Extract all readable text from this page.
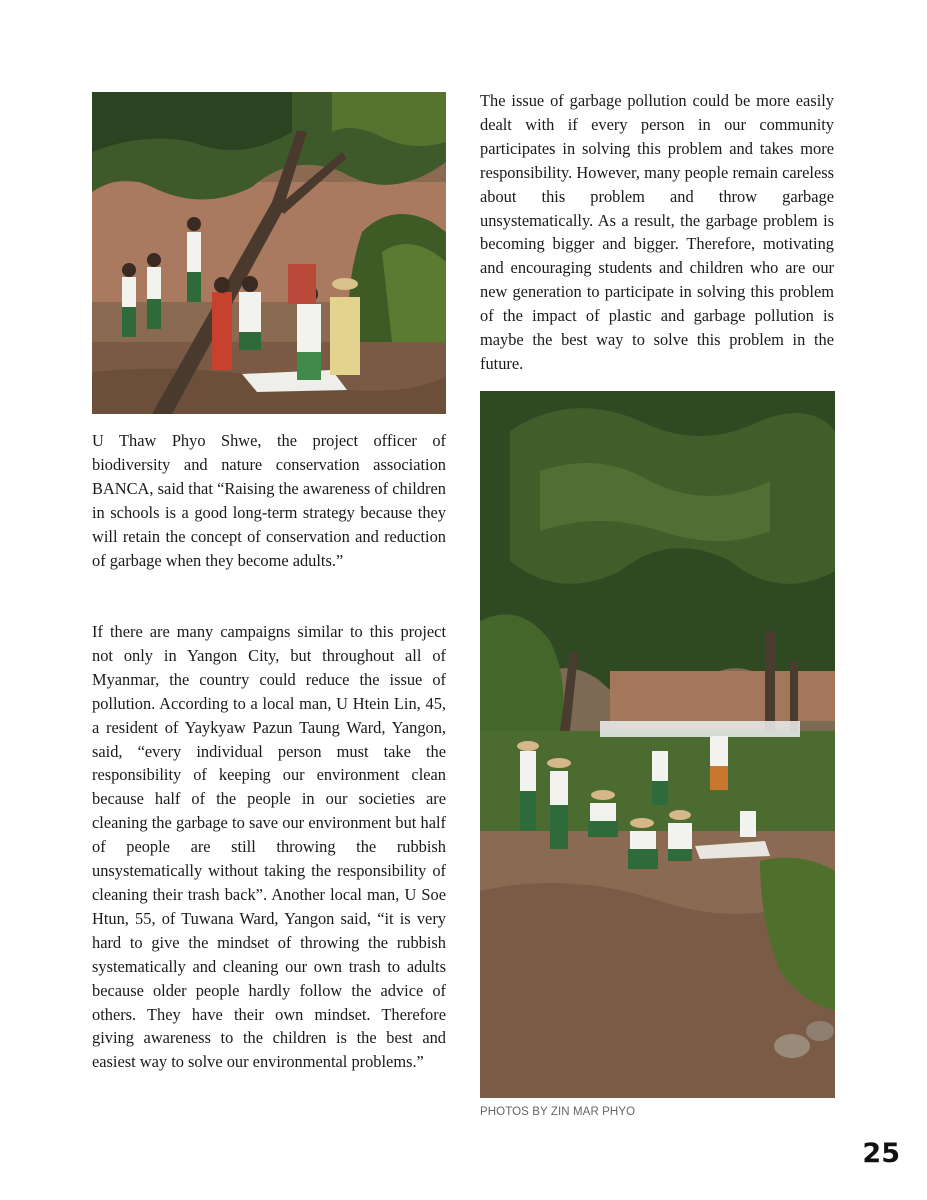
The issue of garbage pollution could be more easily dealt with if every person in our community participates in solving this problem and takes more responsibility. However, many people remain careless about this problem and throw garbage unsystematically. As a result, the garbage problem is becoming bigger and bigger. Therefore, motivating and encouraging students and children who are our new generation to participate in solving this problem of the impact of plastic and garbage pollution is maybe the best way to solve this problem in the future.

U Thaw Phyo Shwe, the project officer of biodiversity and nature conservation association BANCA, said that “Raising the awareness of children in schools is a good long-term strategy because they will retain the concept of conservation and reduction of garbage when they become adults.”

If there are many campaigns similar to this project not only in Yangon City, but throughout all of Myanmar, the country could reduce the issue of pollution. According to a local man, U Htein Lin, 45, a resident of Yaykyaw Pazun Taung Ward, Yangon, said, “every individual person must take the responsibility of keeping our environment clean because half of the people in our societies are cleaning the garbage to save our environment but half of people are still throwing the rubbish unsystematically without taking the responsibility of cleaning their trash back”. Another local man, U Soe Htun, 55, of Tuwana Ward, Yangon said, “it is very hard to give the mindset of throwing the rubbish systematically and cleaning our own trash to adults because older people hardly follow the advice of others. They have their own mindset. Therefore giving awareness to the children is the best and easiest way to solve our environmental problems.”

PHOTOS BY ZIN MAR PHYO
25
